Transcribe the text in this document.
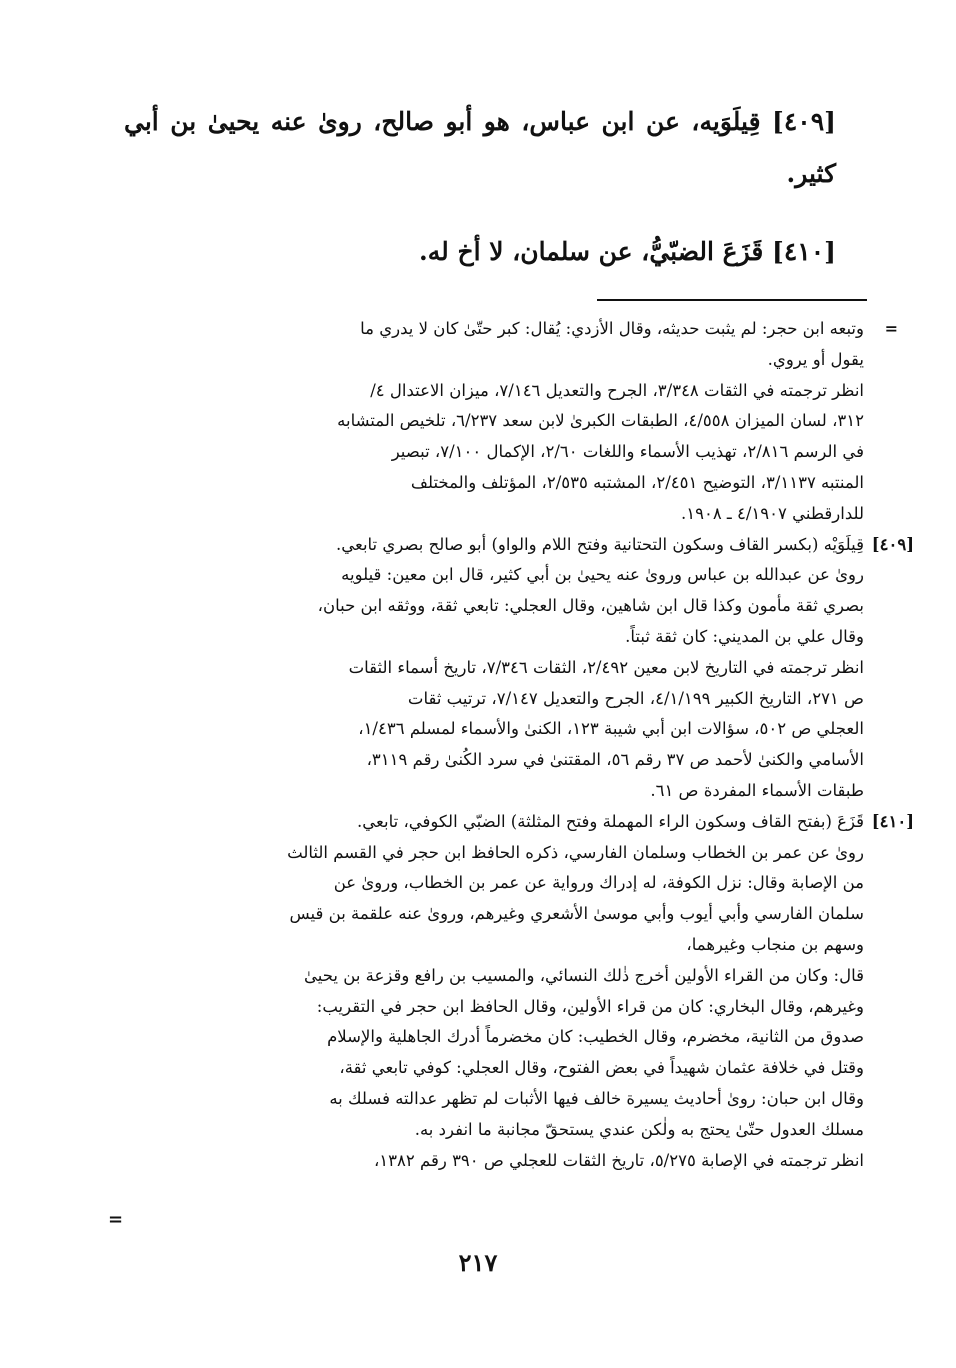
[٤٠٩] قِيلَوَيه، عن ابن عباس، هو أبو صالح، روىٰ عنه يحيىٰ بن أبي كثير.
[٤١٠] قَزَعَ الضبّيُّ، عن سلمان، لا أخ له.
=
وتبعه ابن حجر: لم يثبت حديثه، وقال الأزدي: يُقال: كبر حتّىٰ كان لا يدري ما
يقول أو يروي.
انظر ترجمته في الثقات ٣/٣٤٨، الجرح والتعديل ٧/١٤٦، ميزان الاعتدال ٤/
٣١٢، لسان الميزان ٤/٥٥٨، الطبقات الكبرىٰ لابن سعد ٦/٢٣٧، تلخيص المتشابه
في الرسم ٢/٨١٦، تهذيب الأسماء واللغات ٢/٦٠، الإكمال ٧/١٠٠، تبصير
المنتبه ٣/١١٣٧، التوضيح ٢/٤٥١، المشتبه ٢/٥٣٥، المؤتلف والمختلف
للدارقطني ٤/١٩٠٧ ـ ١٩٠٨.
[٤٠٩]
قِيلَوَيْه (بكسر القاف وسكون التحتانية وفتح اللام والواو) أبو صالح بصري تابعي.
روىٰ عن عبدالله بن عباس وروىٰ عنه يحيىٰ بن أبي كثير، قال ابن معين: قيلويه
بصري ثقة مأمون وكذا قال ابن شاهين، وقال العجلي: تابعي ثقة، ووثقه ابن حبان،
وقال علي بن المديني: كان ثقة ثبتاً.
انظر ترجمته في التاريخ لابن معين ٢/٤٩٢، الثقات ٧/٣٤٦، تاريخ أسماء الثقات
ص ٢٧١، التاريخ الكبير ٤/١/١٩٩، الجرح والتعديل ٧/١٤٧، ترتيب ثقات
العجلي ص ٥٠٢، سؤالات ابن أبي شيبة ١٢٣، الكنىٰ والأسماء لمسلم ١/٤٣٦،
الأسامي والكنىٰ لأحمد ص ٣٧ رقم ٥٦، المقتنىٰ في سرد الكُنىٰ رقم ٣١١٩،
طبقات الأسماء المفردة ص ٦١.
[٤١٠]
قَزَعَ (بفتح القاف وسكون الراء المهملة وفتح المثلثة) الضبّي الكوفي، تابعي.
روىٰ عن عمر بن الخطاب وسلمان الفارسي، ذكره الحافظ ابن حجر في القسم الثالث
من الإصابة وقال: نزل الكوفة، له إدراك ورواية عن عمر بن الخطاب، وروىٰ عن
سلمان الفارسي وأبي أيوب وأبي موسىٰ الأشعري وغيرهم، وروىٰ عنه علقمة بن قيس
وسهم بن منجاب وغيرهما،
قال: وكان من القراء الأولين أخرج ذٰلك النسائي، والمسيب بن رافع وقزعة بن يحيىٰ
وغيرهم، وقال البخاري: كان من قراء الأولين، وقال الحافظ ابن حجر في التقريب:
صدوق من الثانية، مخضرم، وقال الخطيب: كان مخضرماً أدرك الجاهلية والإسلام
وقتل في خلافة عثمان شهيداً في بعض الفتوح، وقال العجلي: كوفي تابعي ثقة،
وقال ابن حبان: روىٰ أحاديث يسيرة خالف فيها الأثبات لم تظهر عدالته فسلك به
مسلك العدول حتّىٰ يحتج به ولٰكن عندي يستحقّ مجانبة ما انفرد به.
انظر ترجمته في الإصابة ٥/٢٧٥، تاريخ الثقات للعجلي ص ٣٩٠ رقم ١٣٨٢،
=
٢١٧
